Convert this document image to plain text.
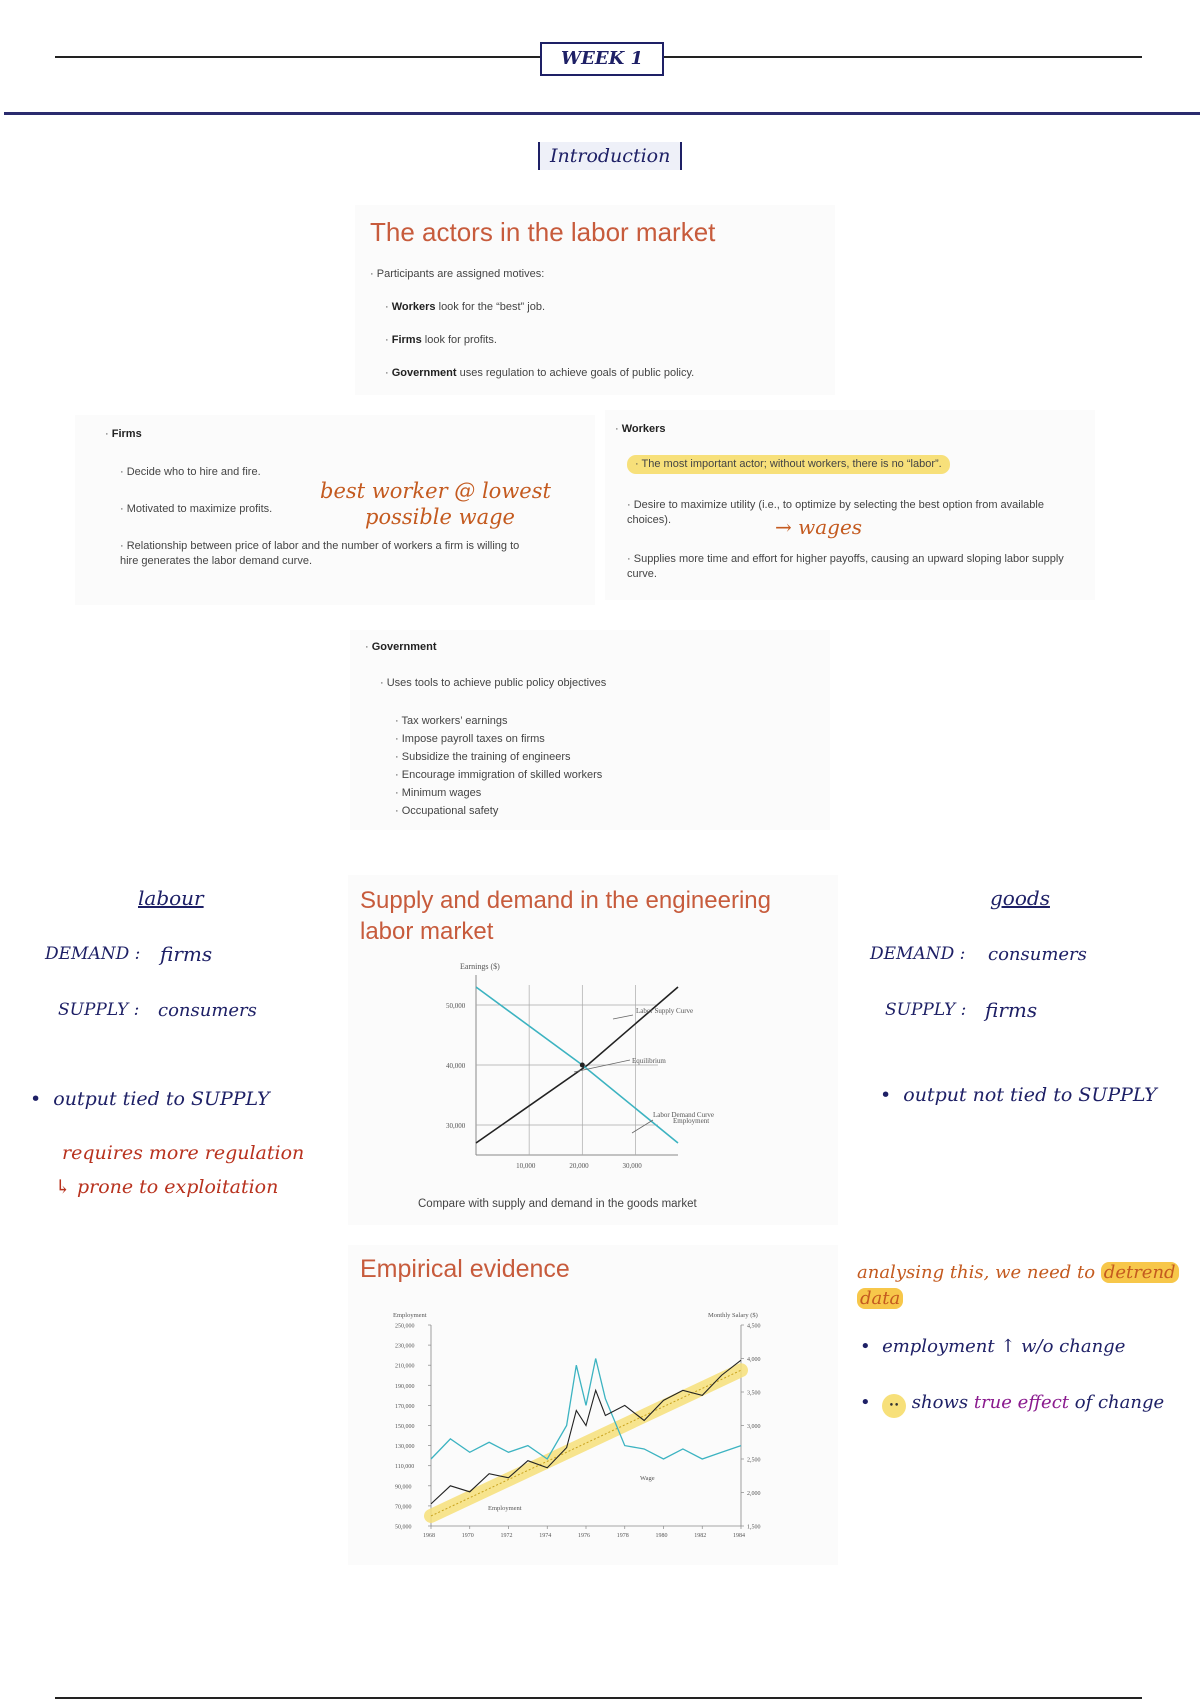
WEEK 1
Introduction
The actors in the labor market
· Participants are assigned motives:
· Workers look for the “best” job.
· Firms look for profits.
· Government uses regulation to achieve goals of public policy.
· Firms
· Decide who to hire and fire.
· Motivated to maximize profits.
· Relationship between price of labor and the number of workers a firm is willing to hire generates the labor demand curve.
best worker @ lowest
possible wage
· Workers
· The most important actor; without workers, there is no “labor”.
· Desire to maximize utility (i.e., to optimize by selecting the best option from available choices).
· Supplies more time and effort for higher payoffs, causing an upward sloping labor supply curve.
→ wages
· Government
· Uses tools to achieve public policy objectives
· Tax workers’ earnings
· Impose payroll taxes on firms
· Subsidize the training of engineers
· Encourage immigration of skilled workers
· Minimum wages
· Occupational safety
labour
DEMAND : firms
SUPPLY : consumers
•  output tied to SUPPLY
requires more regulation
↳ prone to exploitation
Supply and demand in the engineering
labor market
Earnings ($)
30,000
40,000
50,000
10,000	20,000	30,000
Employment
Labor Supply Curve
Equilibrium
Labor Demand Curve
Compare with supply and demand in the goods market
goods
DEMAND : consumers
SUPPLY : firms
•  output not tied to SUPPLY
Empirical evidence
Employment	Monthly Salary ($)
50,000
70,000
90,000
110,000
130,000
150,000
170,000
190,000
210,000
230,000
250,000
1,500
2,000
2,500
3,000
3,500
4,000
4,500
1968	1970	1972	1974	1976	1978	1980	1982	1984
Wage
Employment
analysing this, we need to detrend data
•  employment ↑ w/o change
•  •• shows true effect of change
